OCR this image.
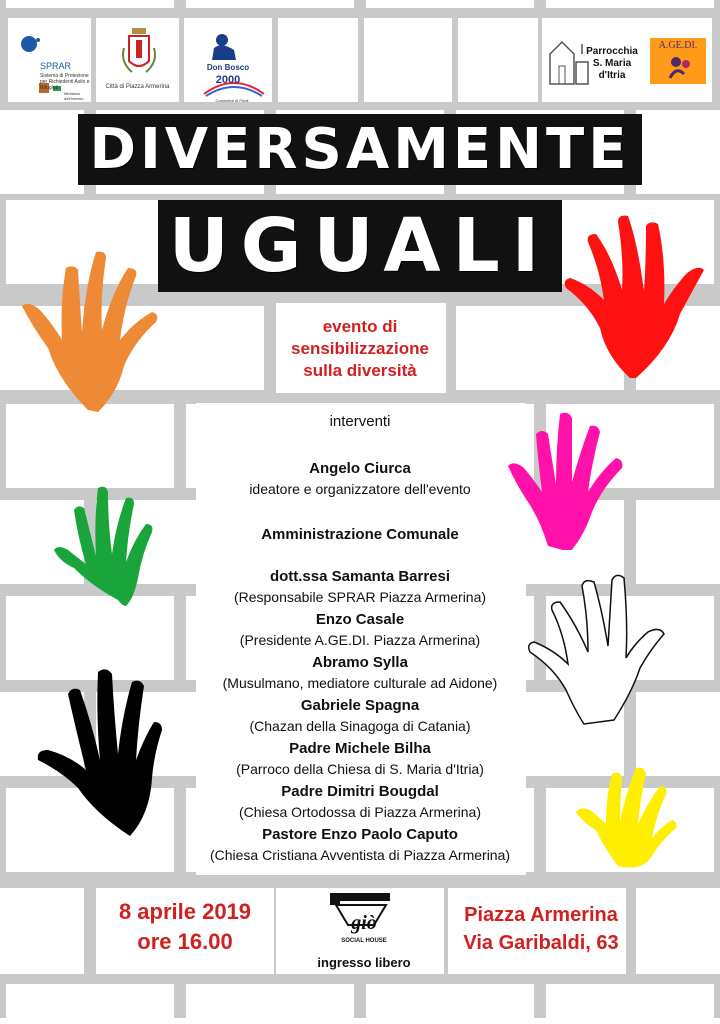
SPRAR
Sistema di Protezione per Richiedenti Asilo e Rifugiati
Ministero dell'Interno
Città di Piazza Armerina
Don Bosco
2000
Costruttori di Ponti
Parrocchia
S. Maria
d'Itria
A.GE.DI.
DIVERSAMENTE
UGUALI
evento di
sensibilizzazione
sulla diversità
interventi
Angelo Ciurca
ideatore e organizzatore dell'evento
Amministrazione Comunale
dott.ssa Samanta Barresi
(Responsabile SPRAR Piazza Armerina)
Enzo Casale
(Presidente A.GE.DI. Piazza Armerina)
Abramo Sylla
(Musulmano, mediatore culturale ad Aidone)
Gabriele Spagna
(Chazan della Sinagoga di Catania)
Padre Michele Bilha
(Parroco della Chiesa di S. Maria d'Itria)
Padre Dimitri Bougdal
(Chiesa Ortodossa di Piazza Armerina)
Pastore Enzo Paolo Caputo
(Chiesa Cristiana Avventista di Piazza Armerina)
8 aprile 2019
ore 16.00
giò
SOCIAL HOUSE
ingresso libero
Piazza Armerina
Via Garibaldi, 63
